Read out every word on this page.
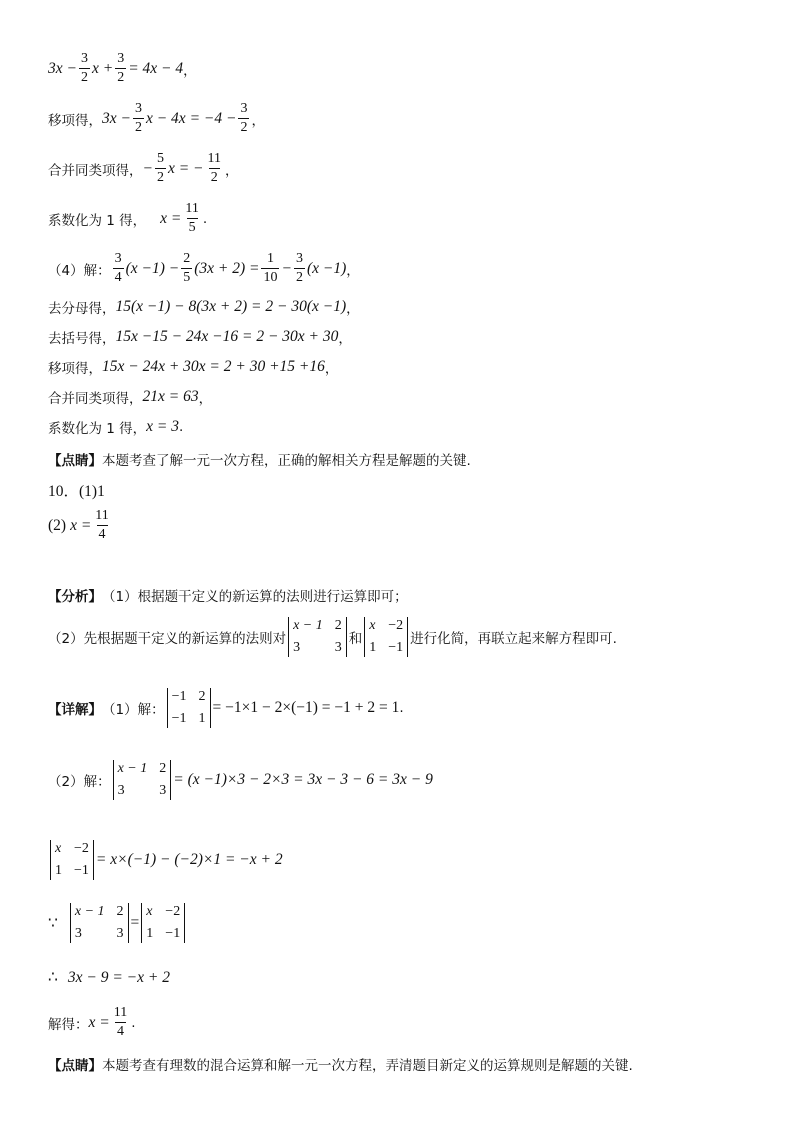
$3x - \frac{3}{2}$ $x + \frac{3}{2} = 4x - 4$ ，
移项得， $3x - \frac{3}{2}$ $x - 4x = -4 - \frac{3}{2}$ ，
合并同类项得， − $\frac{5}{2}$ x = − $\frac{11}{2}$ ，
系数化为 1 得， $x = \frac{11}{5}$ .
（4）解： $\frac{3}{4} (x -1) - \frac{2}{5} (3x + 2) = \frac{1}{10} - \frac{3}{2} (x -1)$ ，
去分母得， 15(x −1) − 8(3x + 2) = 2 − 30(x −1) ，
去括号得， 15x −15 − 24x −16 = 2 − 30x + 30 ，
移项得， 15x − 24x + 30x = 2 + 30 +15 +16 ，
合并同类项得， 21x = 63 ，
系数化为 1 得， x = 3 .
【点睛】 本题考查了解一元一次方程，正确的解相关方程是解题的关键.
10．(1)1
(2) $x = \frac{11}{4}$
【分析】 （1）根据题干定义的新运算的法则进行运算即可；
（2）先根据题干定义的新运算的法则对
x − 1 2
3	3
和
x −2
1 −1
进行化简，再联立起来解方程即可.
【详解】 （1）解：
−1 2
−1 1
= −1×1 − 2×(−1) = −1 + 2 = 1 .
（2）解：
x − 1 2
3	3
= (x −1)×3 − 2×3 = 3x − 3 − 6 = 3x − 9
x −2
1 −1
= x×(−1) − (−2)×1 = −x + 2
∵
x − 1 2
3	3
=
x −2
1 −1
∴ 3x − 9 = −x + 2
解得： $x = \frac{11}{4}$ .
【点睛】 本题考查有理数的混合运算和解一元一次方程，弄清题目新定义的运算规则是解题的关键.
